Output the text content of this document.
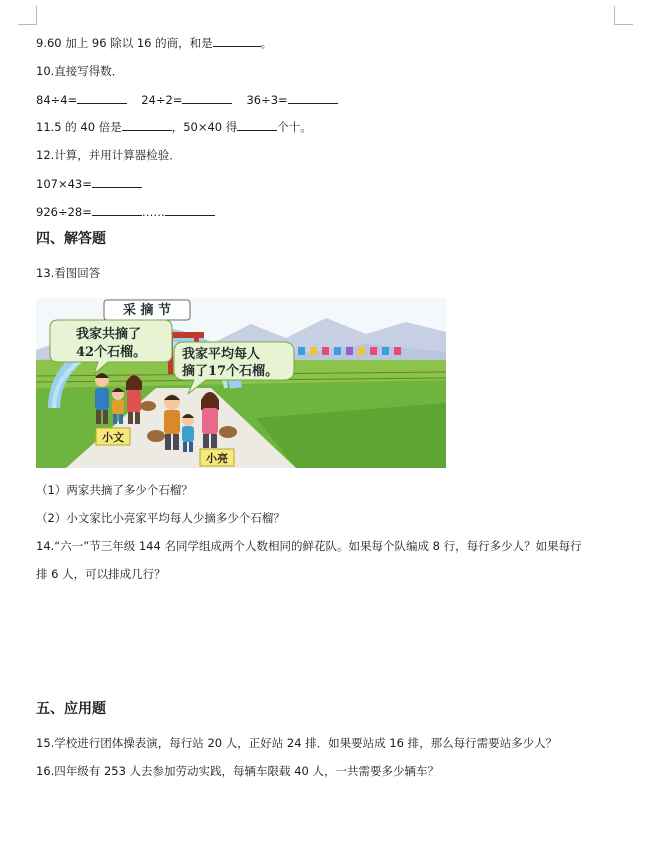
9.60 加上 96 除以 16 的商，和是	。
10.直接写得数．
84÷4=	24÷2=	36÷3=
11.5 的 40 倍是	，50×40 得	个十。
12.计算，并用计算器检验．
107×43=
926÷28=	……
四、解答题
13.看图回答
采 摘 节
我家共摘了
42个石榴。	我家平均每人
摘了17个石榴。
小文
小亮
（1）两家共摘了多少个石榴？
（2）小文家比小亮家平均每人少摘多少个石榴？
14.“六一”节三年级 144 名同学组成两个人数相同的鲜花队。如果每个队编成 8 行，每行多少人？如果每行
排 6 人，可以排成几行？
五、应用题
15.学校进行团体操表演，每行站 20 人，正好站 24 排．如果要站成 16 排，那么每行需要站多少人？
16.四年级有 253 人去参加劳动实践，每辆车限载 40 人，一共需要多少辆车？
